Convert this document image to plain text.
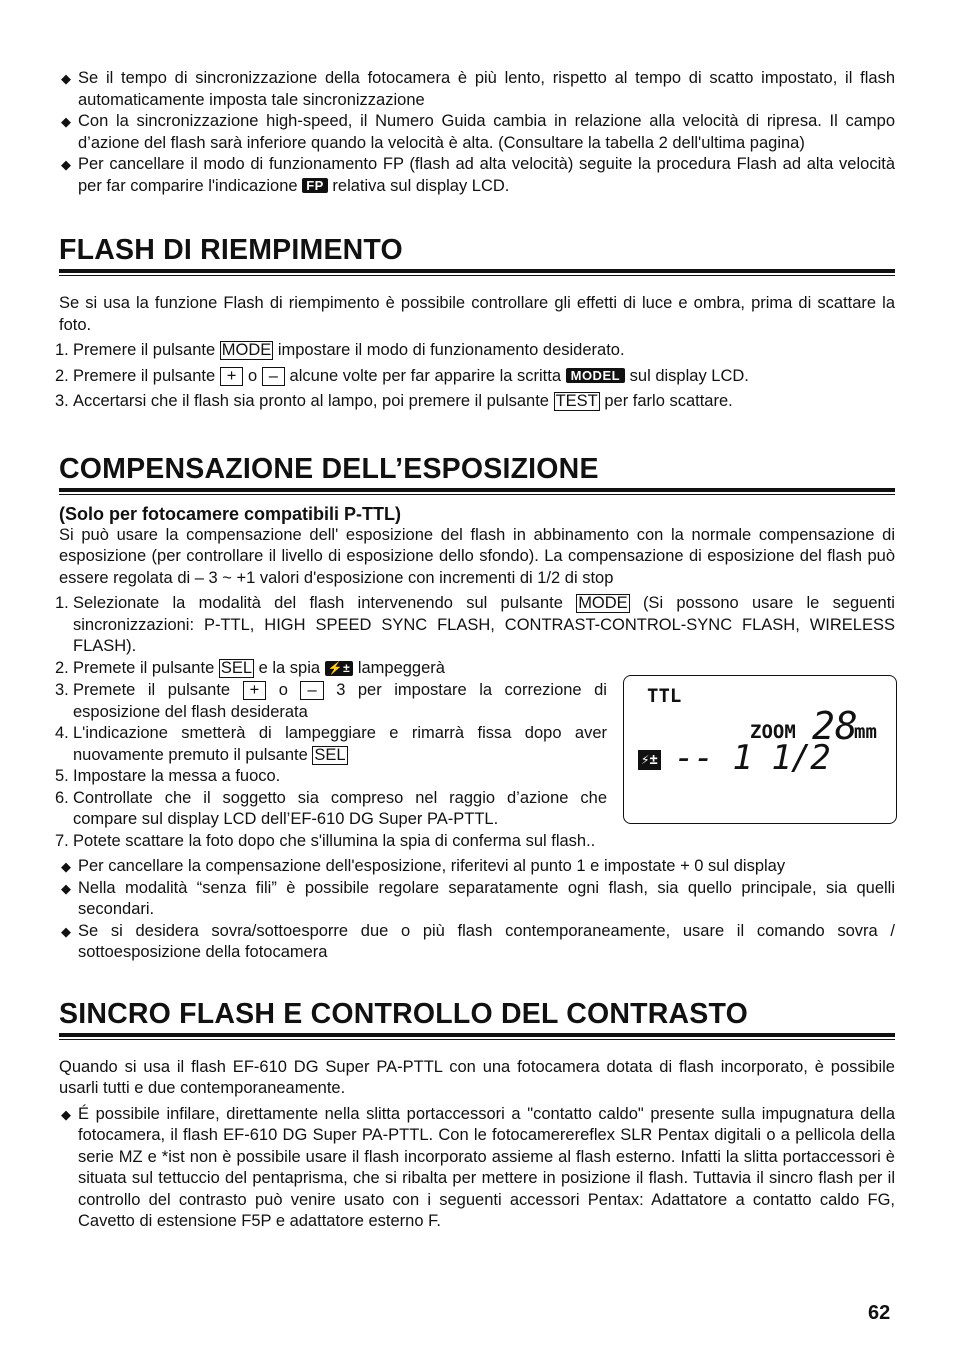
◆ Se il tempo di sincronizzazione della fotocamera è più lento, rispetto al tempo di scatto impostato, il flash automaticamente imposta tale sincronizzazione
◆ Con la sincronizzazione high-speed, il Numero Guida cambia in relazione alla velocità di ripresa. Il campo d’azione del flash sarà inferiore quando la velocità è alta. (Consultare la tabella 2 dell'ultima pagina)
◆ Per cancellare il modo di funzionamento FP (flash ad alta velocità) seguite la procedura Flash ad alta velocità per far comparire l'indicazione FP relativa sul display LCD.
FLASH DI RIEMPIMENTO

Se si usa la funzione Flash di riempimento è possibile controllare gli effetti di luce e ombra, prima di scattare la foto.

1. Premere il pulsante MODE impostare il modo di funzionamento desiderato.
2. Premere il pulsante + o – alcune volte per far apparire la scritta MODEL sul display LCD.
3. Accertarsi che il flash sia pronto al lampo, poi premere il pulsante TEST per farlo scattare.
COMPENSAZIONE DELL’ESPOSIZIONE
(Solo per fotocamere compatibili P-TTL)

Si può usare la compensazione dell' esposizione del flash in abbinamento con la normale compensazione di esposizione (per controllare il livello di esposizione dello sfondo). La compensazione di esposizione del flash può essere regolata di – 3 ~ +1 valori d'esposizione con incrementi di 1/2 di stop

1. Selezionate la modalità del flash intervenendo sul pulsante MODE (Si possono usare le seguenti sincronizzazioni: P-TTL, HIGH SPEED SYNC FLASH, CONTRAST-CONTROL-SYNC FLASH, WIRELESS FLASH).
2. Premete il pulsante SEL e la spia ⚡± lampeggerà
3. Premete il pulsante + o – 3 per impostare la correzione di esposizione del flash desiderata
4. L'indicazione smetterà di lampeggiare e rimarrà fissa dopo aver nuovamente premuto il pulsante SEL
5. Impostare la messa a fuoco.
6. Controllate che il soggetto sia compreso nel raggio d’azione che compare sul display LCD dell’EF-610 DG Super PA-PTTL.
7. Potete scattare la foto dopo che s'illumina la spia di conferma sul flash..
◆ Per cancellare la compensazione dell'esposizione, riferitevi al punto 1 e impostate + 0 sul display
◆ Nella modalità “senza fili” è possibile regolare separatamente ogni flash, sia quello principale, sia quelli secondari.
◆ Se si desidera sovra/sottoesporre due o più flash contemporaneamente, usare il comando sovra / sottoesposizione della fotocamera
SINCRO FLASH E CONTROLLO DEL CONTRASTO

Quando si usa il flash EF-610 DG Super PA-PTTL con una fotocamera dotata di flash incorporato, è possibile usarli tutti e due contemporaneamente.

◆ É possibile infilare, direttamente nella slitta portaccessori a "contatto caldo" presente sulla impugnatura della fotocamera, il flash EF-610 DG Super PA-PTTL. Con le fotocamerereflex SLR Pentax digitali o a pellicola della serie MZ e *ist non è possibile usare il flash incorporato assieme al flash esterno. Infatti la slitta portaccessori è situata sul tettuccio del pentaprisma, che si ribalta per mettere in posizione il flash. Tuttavia il sincro flash per il controllo del contrasto può venire usato con i seguenti accessori Pentax: Adattatore a contatto caldo FG, Cavetto di estensione F5P e adattatore esterno F.
TTL
ZOOM 28
mm
⚡± -- 1 1/2
62
